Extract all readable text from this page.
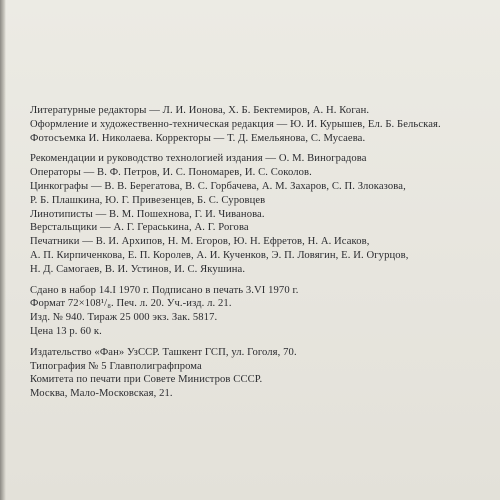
Литературные редакторы — Л. И. Ионова, Х. Б. Бектемиров, А. Н. Коган.
Оформление и художественно-техническая редакция — Ю. И. Курышев, Ел. Б. Бельская.
Фотосъемка И. Николаева. Корректоры — Т. Д. Емельянова, С. Мусаева.
Рекомендации и руководство технологией издания — О. М. Виноградова
Операторы — В. Ф. Петров, И. С. Пономарев, И. С. Соколов.
Цинкографы — В. В. Берегатова, В. С. Горбачева, А. М. Захаров, С. П. Злоказова,
Р. Б. Плашкина, Ю. Г. Привезенцев, Б. С. Суровцев
Линотиписты — В. М. Пошехнова, Г. И. Чиванова.
Верстальщики — А. Г. Гераськина, А. Г. Рогова
Печатники — В. И. Архипов, Н. М. Егоров, Ю. Н. Ефретов, Н. А. Исаков,
А. П. Кирпиченкова, Е. П. Королев, А. И. Кученков, Э. П. Ловягин, Е. И. Огурцов,
Н. Д. Самогаев, В. И. Устинов, И. С. Якушина.
Сдано в набор 14.I 1970 г. Подписано в печать 3.VI 1970 г.
Формат 72×108¹/₈. Печ. л. 20. Уч.-изд. л. 21.
Изд. № 940. Тираж 25 000 экз. Зак. 5817.
Цена 13 р. 60 к.
Издательство «Фан» УзССР. Ташкент ГСП, ул. Гоголя, 70.
Типография № 5 Главполиграфпрома
Комитета по печати при Совете Министров СССР.
Москва, Мало-Московская, 21.
